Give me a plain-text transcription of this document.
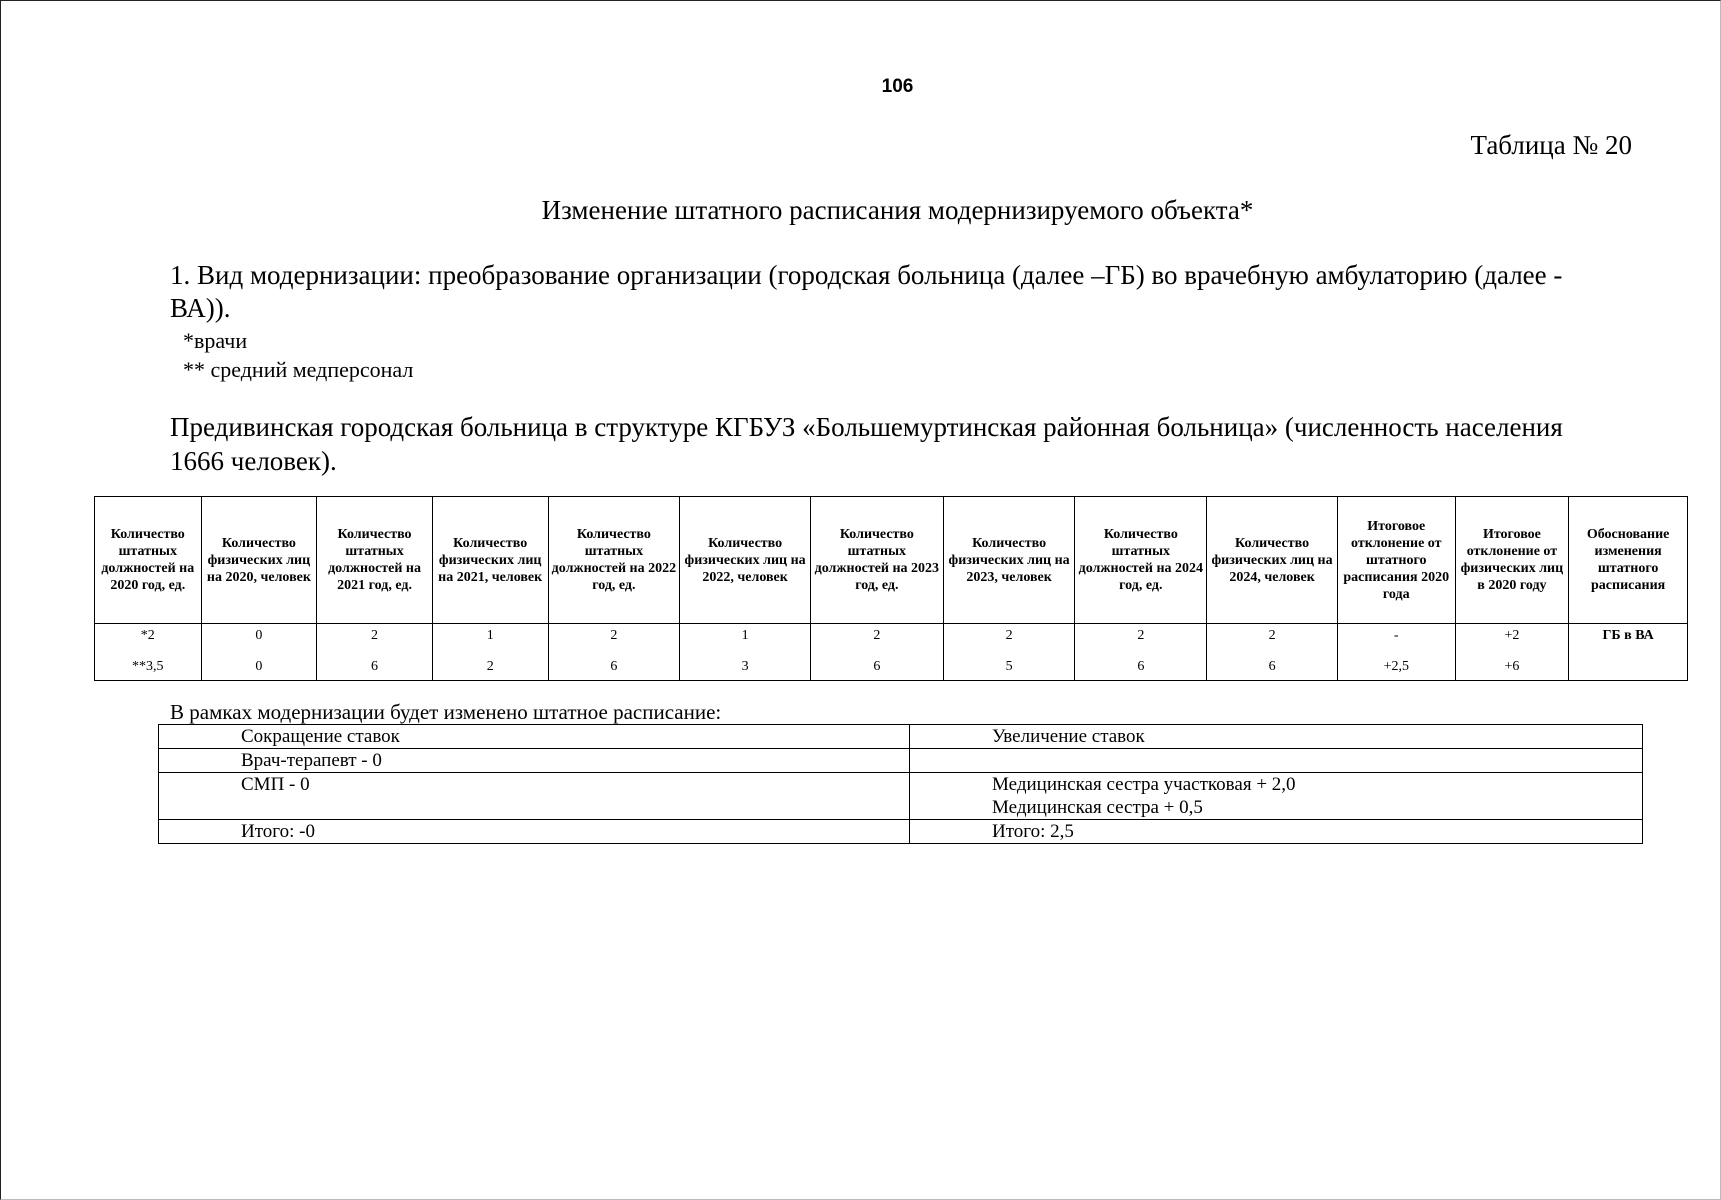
106
Таблица № 20
Изменение штатного расписания модернизируемого объекта*
1. Вид модернизации: преобразование организации (городская больница (далее –ГБ) во врачебную амбулаторию (далее - ВА)).
*врачи
** средний медперсонал
Предивинская городская больница в структуре КГБУЗ «Большемуртинская районная больница» (численность населения 1666 человек).
Количество штатных должностей на 2020 год, ед.	Количество физических лиц на 2020, человек	Количество штатных должностей на 2021 год, ед.	Количество физических лиц на 2021, человек	Количество штатных должностей на 2022 год, ед.	Количество физических лиц на 2022, человек	Количество штатных должностей на 2023 год, ед.	Количество физических лиц на 2023, человек	Количество штатных должностей на 2024 год, ед.	Количество физических лиц на 2024, человек	Итоговое отклонение от штатного расписания 2020 года	Итоговое отклонение от физических лиц в 2020 году	Обоснование изменения штатного расписания
*2	0	2	1	2	1	2	2	2	2	-	+2	ГБ в ВА
**3,5	0	6	2	6	3	6	5	6	6	+2,5	+6	
В рамках модернизации будет изменено штатное расписание:
Сокращение ставок	Увеличение ставок

Врач-терапевт - 0	

СМП - 0	Медицинская сестра участковая + 2,0
Медицинская сестра + 0,5

Итого: -0	Итого: 2,5
